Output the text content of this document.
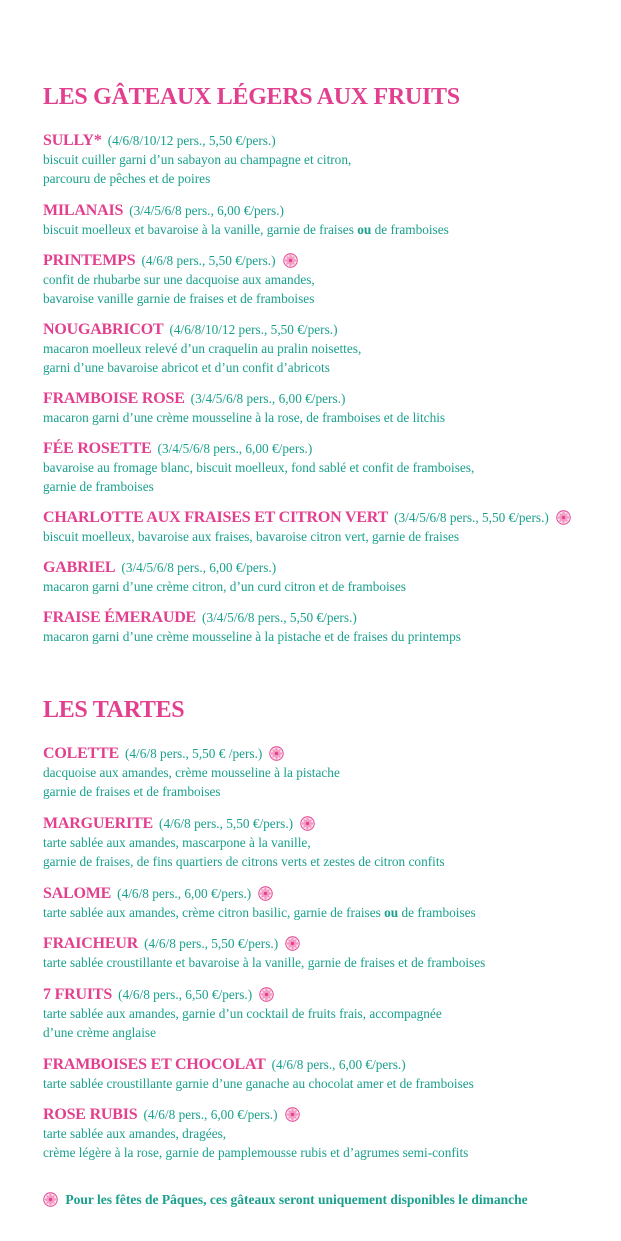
LES GÂTEAUX LÉGERS AUX FRUITS
SULLY* (4/6/8/10/12 pers., 5,50 €/pers.)
biscuit cuiller garni d’un sabayon au champagne et citron,
parcouru de pêches et de poires
MILANAIS (3/4/5/6/8 pers., 6,00 €/pers.)
biscuit moelleux et bavaroise à la vanille, garnie de fraises ou de framboises
PRINTEMPS (4/6/8 pers., 5,50 €/pers.)
confit de rhubarbe sur une dacquoise aux amandes,
bavaroise vanille garnie de fraises et de framboises
NOUGABRICOT (4/6/8/10/12 pers., 5,50 €/pers.)
macaron moelleux relevé d’un craquelin au pralin noisettes,
garni d’une bavaroise abricot et d’un confit d’abricots
FRAMBOISE ROSE (3/4/5/6/8 pers., 6,00 €/pers.)
macaron garni d’une crème mousseline à la rose, de framboises et de litchis
FÉE ROSETTE (3/4/5/6/8 pers., 6,00 €/pers.)
bavaroise au fromage blanc, biscuit moelleux, fond sablé et confit de framboises,
garnie de framboises
CHARLOTTE AUX FRAISES ET CITRON VERT (3/4/5/6/8 pers., 5,50 €/pers.)
biscuit moelleux, bavaroise aux fraises, bavaroise citron vert, garnie de fraises
GABRIEL (3/4/5/6/8 pers., 6,00 €/pers.)
macaron garni d’une crème citron, d’un curd citron et de framboises
FRAISE ÉMERAUDE (3/4/5/6/8 pers., 5,50 €/pers.)
macaron garni d’une crème mousseline à la pistache et de fraises du printemps
LES TARTES
COLETTE (4/6/8 pers., 5,50 € /pers.)
dacquoise aux amandes, crème mousseline à la pistache
garnie de fraises et de framboises
MARGUERITE (4/6/8 pers., 5,50 €/pers.)
tarte sablée aux amandes, mascarpone à la vanille,
garnie de fraises, de fins quartiers de citrons verts et zestes de citron confits
SALOME (4/6/8 pers., 6,00 €/pers.)
tarte sablée aux amandes, crème citron basilic, garnie de fraises ou de framboises
FRAICHEUR (4/6/8 pers., 5,50 €/pers.)
tarte sablée croustillante et bavaroise à la vanille, garnie de fraises et de framboises
7 FRUITS (4/6/8 pers., 6,50 €/pers.)
tarte sablée aux amandes, garnie d’un cocktail de fruits frais, accompagnée
d’une crème anglaise
FRAMBOISES ET CHOCOLAT (4/6/8 pers., 6,00 €/pers.)
tarte sablée croustillante garnie d’une ganache au chocolat amer et de framboises
ROSE RUBIS (4/6/8 pers., 6,00 €/pers.)
tarte sablée aux amandes, dragées,
crème légère à la rose, garnie de pamplemousse rubis et d’agrumes semi-confits
Pour les fêtes de Pâques, ces gâteaux seront uniquement disponibles le dimanche
